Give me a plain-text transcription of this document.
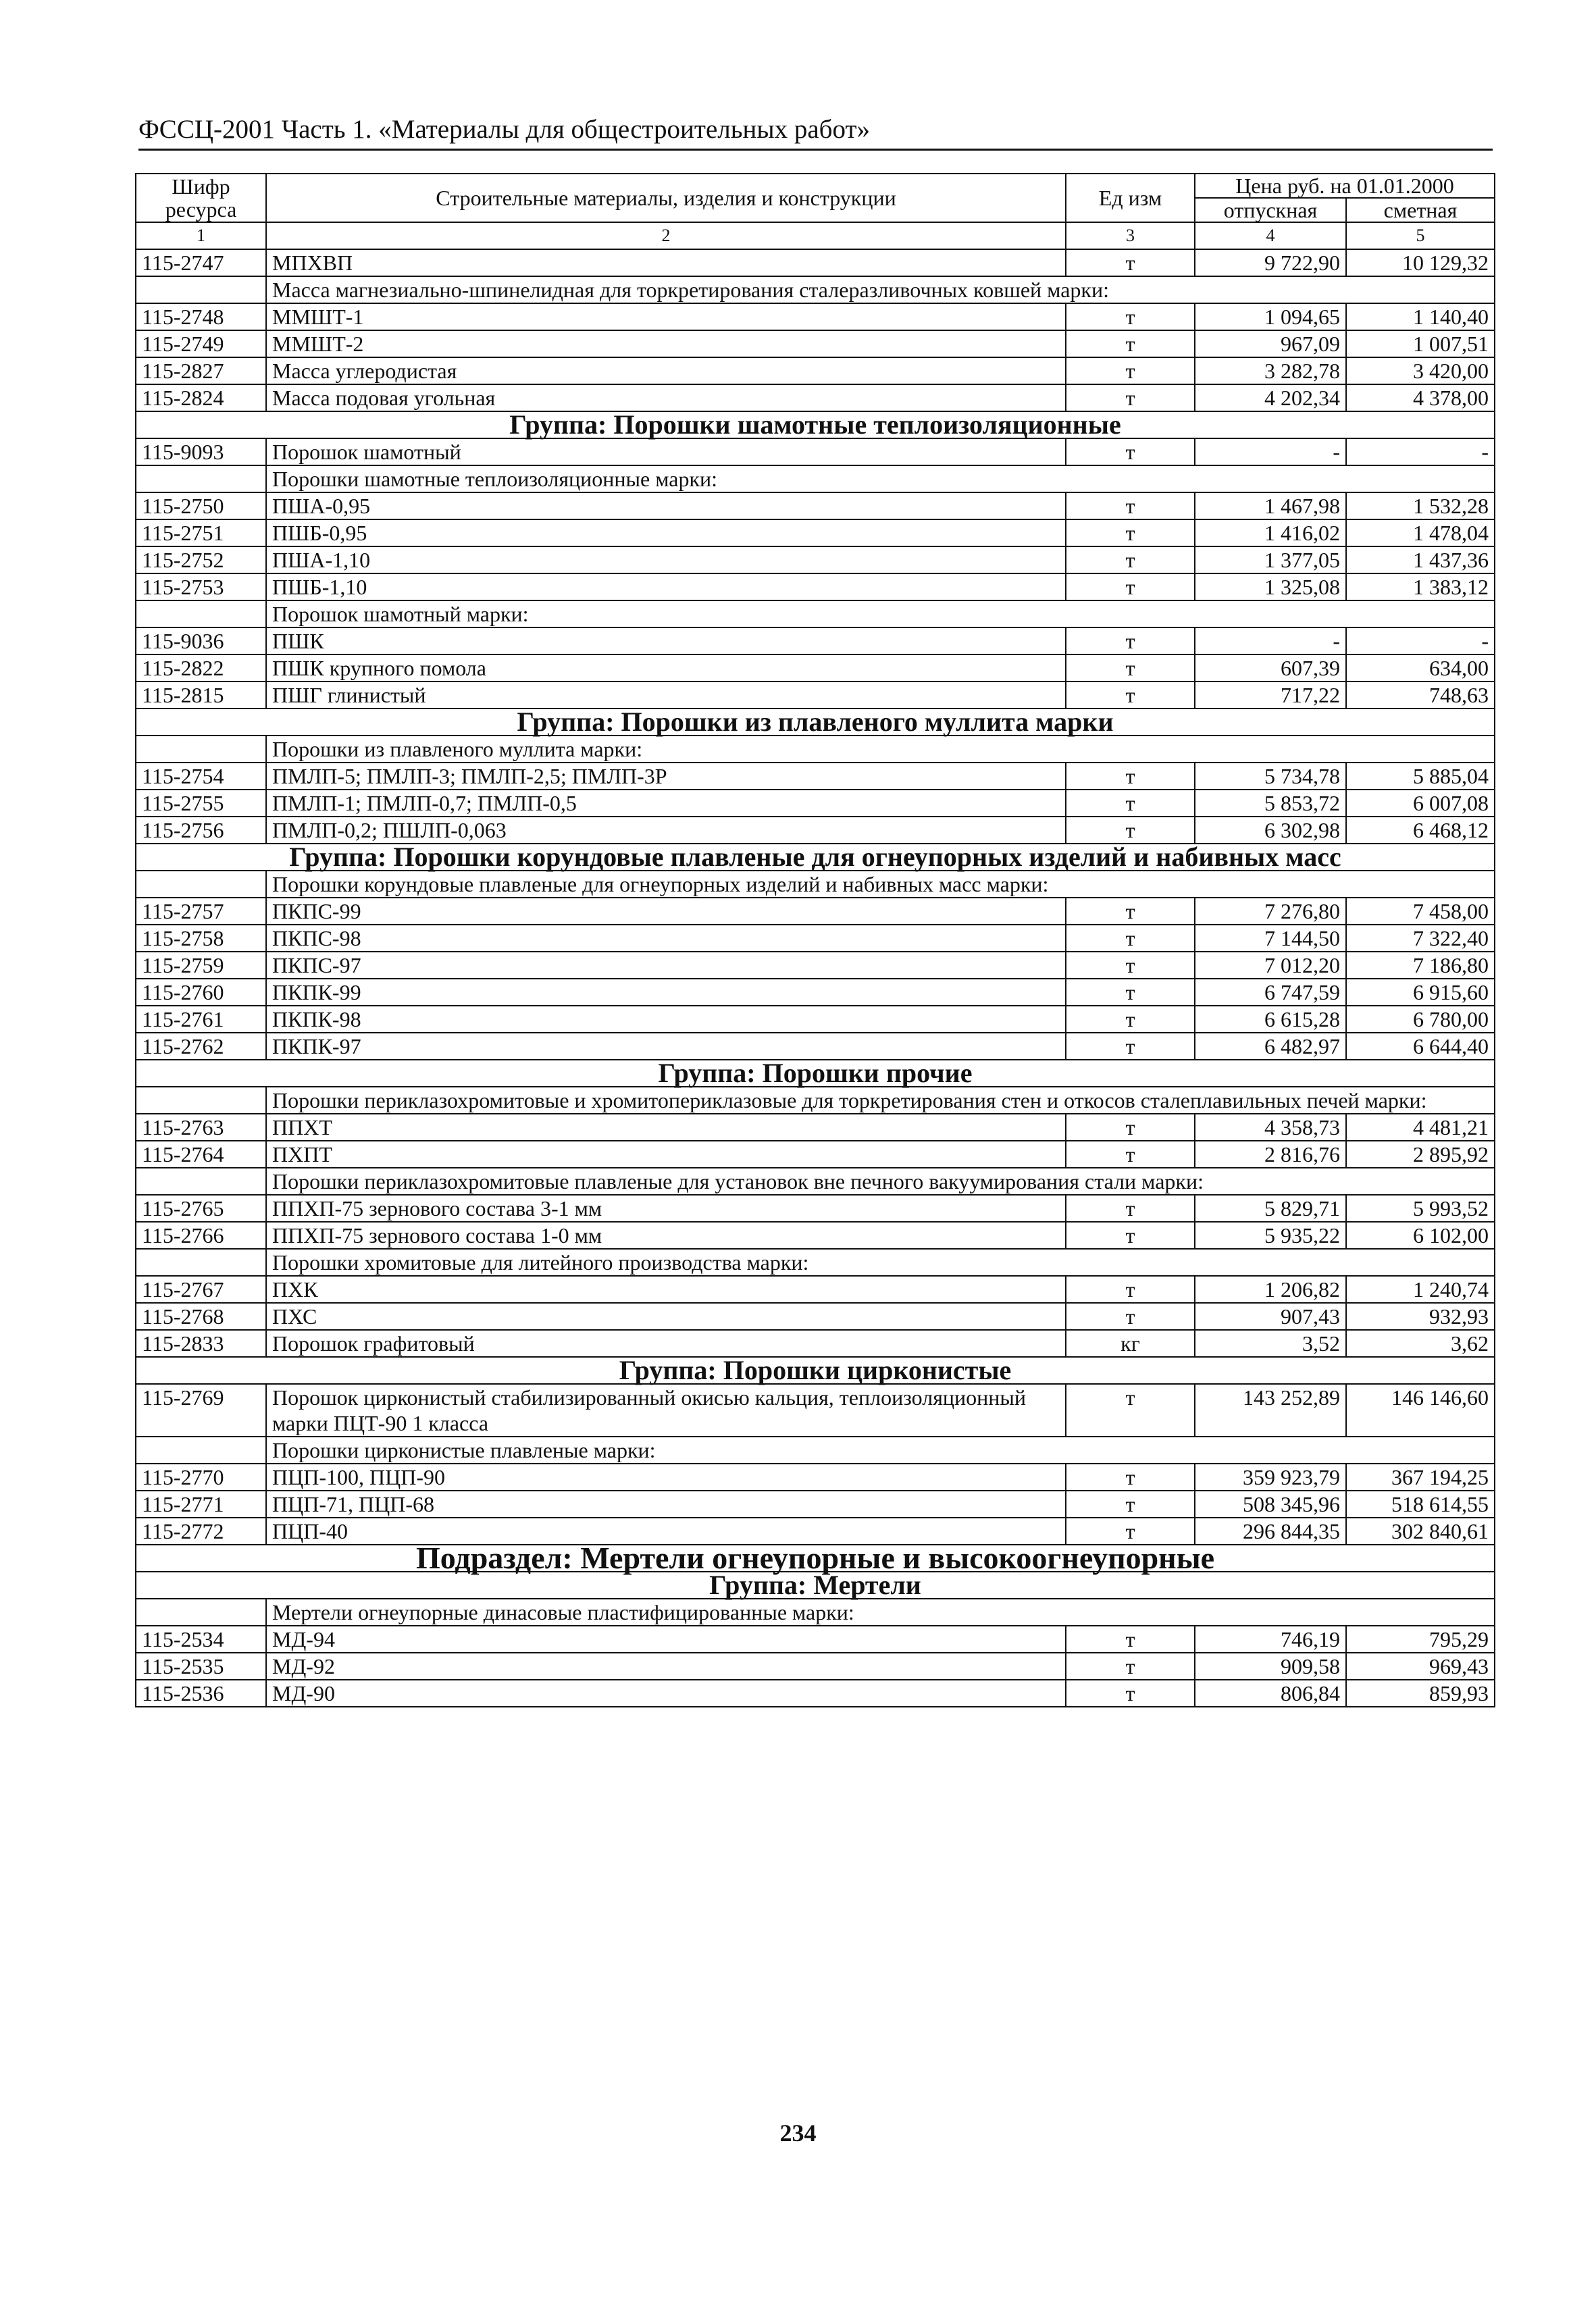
ФССЦ-2001 Часть 1. «Материалы для общестроительных работ»
Шифр ресурса	Строительные материалы, изделия и конструкции	Ед изм	Цена руб. на 01.01.2000	
			отпускная	сметная
1	2	3	4	5
115-2747	МПХВП	т	9 722,90	10 129,32
	Масса магнезиально-шпинелидная для торкретирования сталеразливочных ковшей марки:			
115-2748	ММШТ-1	т	1 094,65	1 140,40
115-2749	ММШТ-2	т	967,09	1 007,51
115-2827	Масса углеродистая	т	3 282,78	3 420,00
115-2824	Масса подовая угольная	т	4 202,34	4 378,00
Группа: Порошки шамотные теплоизоляционные				
115-9093	Порошок шамотный	т	-	-
	Порошки шамотные теплоизоляционные марки:			
115-2750	ПША-0,95	т	1 467,98	1 532,28
115-2751	ПШБ-0,95	т	1 416,02	1 478,04
115-2752	ПША-1,10	т	1 377,05	1 437,36
115-2753	ПШБ-1,10	т	1 325,08	1 383,12
	Порошок шамотный марки:			
115-9036	ПШК	т	-	-
115-2822	ПШК крупного помола	т	607,39	634,00
115-2815	ПШГ глинистый	т	717,22	748,63
Группа: Порошки из плавленого муллита марки				
	Порошки из плавленого муллита марки:			
115-2754	ПМЛП-5; ПМЛП-3; ПМЛП-2,5; ПМЛП-3Р	т	5 734,78	5 885,04
115-2755	ПМЛП-1; ПМЛП-0,7; ПМЛП-0,5	т	5 853,72	6 007,08
115-2756	ПМЛП-0,2; ПШЛП-0,063	т	6 302,98	6 468,12
Группа: Порошки корундовые плавленые для огнеупорных изделий и набивных масс				
	Порошки корундовые плавленые для огнеупорных изделий и набивных масс марки:			
115-2757	ПКПС-99	т	7 276,80	7 458,00
115-2758	ПКПС-98	т	7 144,50	7 322,40
115-2759	ПКПС-97	т	7 012,20	7 186,80
115-2760	ПКПК-99	т	6 747,59	6 915,60
115-2761	ПКПК-98	т	6 615,28	6 780,00
115-2762	ПКПК-97	т	6 482,97	6 644,40
Группа: Порошки прочие				
	Порошки периклазохромитовые и хромитопериклазовые для торкретирования стен и откосов сталеплавильных печей марки:			
115-2763	ППХТ	т	4 358,73	4 481,21
115-2764	ПХПТ	т	2 816,76	2 895,92
	Порошки периклазохромитовые плавленые для установок вне печного вакуумирования стали марки:			
115-2765	ППХП-75 зернового состава 3-1 мм	т	5 829,71	5 993,52
115-2766	ППХП-75 зернового состава 1-0 мм	т	5 935,22	6 102,00
	Порошки хромитовые для литейного производства марки:			
115-2767	ПХК	т	1 206,82	1 240,74
115-2768	ПХС	т	907,43	932,93
115-2833	Порошок графитовый	кг	3,52	3,62
Группа: Порошки цирконистые				
115-2769	Порошок цирконистый стабилизированный окисью кальция, теплоизоляционный марки ПЦТ-90 1 класса	т	143 252,89	146 146,60
	Порошки цирконистые плавленые марки:			
115-2770	ПЦП-100, ПЦП-90	т	359 923,79	367 194,25
115-2771	ПЦП-71, ПЦП-68	т	508 345,96	518 614,55
115-2772	ПЦП-40	т	296 844,35	302 840,61
Подраздел: Мертели огнеупорные и высокоогнеупорные				
Группа: Мертели				
	Мертели огнеупорные динасовые пластифицированные марки:			
115-2534	МД-94	т	746,19	795,29
115-2535	МД-92	т	909,58	969,43
115-2536	МД-90	т	806,84	859,93
234
